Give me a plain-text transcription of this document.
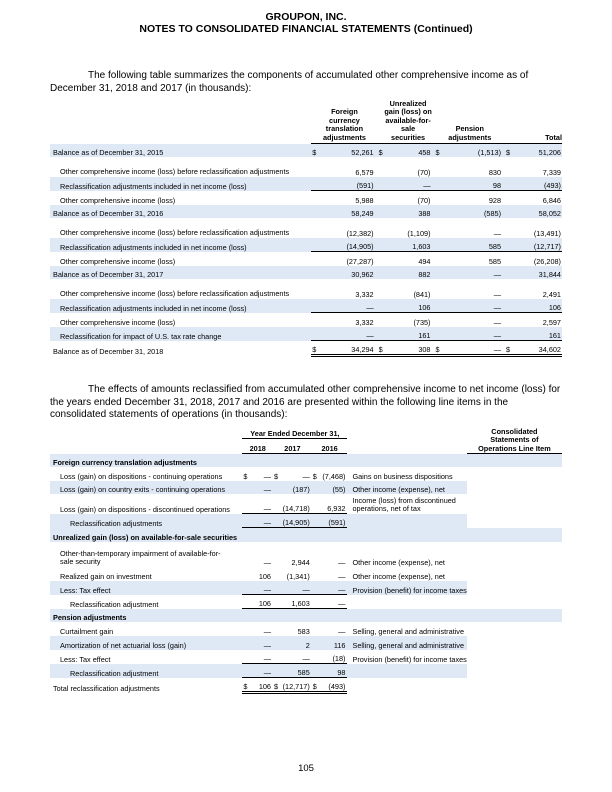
GROUPON, INC.
NOTES TO CONSOLIDATED FINANCIAL STATEMENTS (Continued)
The following table summarizes the components of accumulated other comprehensive income as of December 31, 2018 and 2017 (in thousands):
	Foreign currency translation adjustments		Unrealized gain (loss) on available-for-sale securities		Pension adjustments		Total	
Balance as of December 31, 2015	$	52,261	$	458	$	(1,513)	$	51,206
Other comprehensive income (loss) before reclassification adjustments		6,579		(70)		830		7,339
Reclassification adjustments included in net income (loss)		(591)		—		98		(493)
Other comprehensive income (loss)		5,988		(70)		928		6,846
Balance as of December 31, 2016		58,249		388		(585)		58,052
Other comprehensive income (loss) before reclassification adjustments		(12,382)		(1,109)		—		(13,491)
Reclassification adjustments included in net income (loss)		(14,905)		1,603		585		(12,717)
Other comprehensive income (loss)		(27,287)		494		585		(26,208)
Balance as of December 31, 2017		30,962		882		—		31,844
Other comprehensive income (loss) before reclassification adjustments		3,332		(841)		—		2,491
Reclassification adjustments included in net income (loss)		—		106		—		106
Other comprehensive income (loss)		3,332		(735)		—		2,597
Reclassification for impact of U.S. tax rate change		—		161		—		161
Balance as of December 31, 2018	$	34,294	$	308	$	—	$	34,602
The effects of amounts reclassified from accumulated other comprehensive income to net income (loss) for the years ended December 31, 2018, 2017 and 2016 are presented within the following line items in the consolidated statements of operations (in thousands):
	Year Ended December 31,							Consolidated Statements of Operations Line Item
	2018		2017		2016			
Foreign currency translation adjustments								
Loss (gain) on dispositions - continuing operations	$	—	$	—	$	(7,468)	Gains on business dispositions	
Loss (gain) on country exits - continuing operations		—		(187)		(55)	Other income (expense), net	
Loss (gain) on dispositions - discontinued operations		—		(14,718)		6,932	Income (loss) from discontinued operations, net of tax	
Reclassification adjustments		—		(14,905)		(591)		
Unrealized gain (loss) on available-for-sale securities								
Other-than-temporary impairment of available-for-sale security		—		2,944		—	Other income (expense), net	
Realized gain on investment		106		(1,341)		—	Other income (expense), net	
Less: Tax effect		—		—		—	Provision (benefit) for income taxes	
Reclassification adjustment		106		1,603		—		
Pension adjustments								
Curtailment gain		—		583		—	Selling, general and administrative	
Amortization of net actuarial loss (gain)		—		2		116	Selling, general and administrative	
Less: Tax effect		—		—		(18)	Provision (benefit) for income taxes	
Reclassification adjustment		—		585		98		
Total reclassification adjustments	$	106	$	(12,717)	$	(493)		
105
